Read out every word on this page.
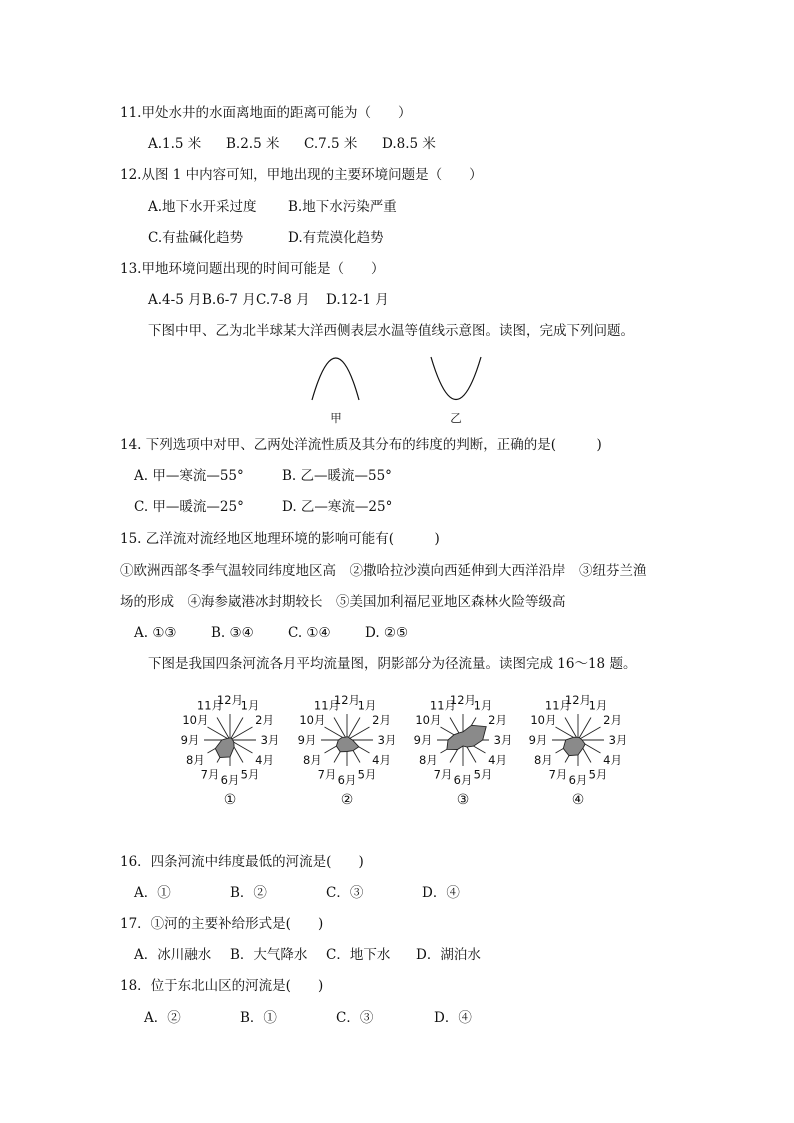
11.甲处水井的水面离地面的距离可能为（　　）
A.1.5 米 B.2.5 米 C.7.5 米 D.8.5 米
12.从图 1 中内容可知，甲地出现的主要环境问题是（　　）
A.地下水开采过度 B.地下水污染严重
C.有盐碱化趋势	D.有荒漠化趋势
13.甲地环境问题出现的时间可能是（　　）
A.4-5 月B.6-7 月C.7-8 月 D.12-1 月
下图中甲、乙为北半球某大洋西侧表层水温等值线示意图。读图，完成下列问题。
甲	乙
14. 下列选项中对甲、乙两处洋流性质及其分布的纬度的判断，正确的是(　　　)
A. 甲—寒流—55°	B. 乙—暖流—55°
C. 甲—暖流—25°	D. 乙—寒流—25°
15. 乙洋流对流经地区地理环境的影响可能有(　　　)
①欧洲西部冬季气温较同纬度地区高　②撒哈拉沙漠向西延伸到大西洋沿岸　③纽芬兰渔
场的形成　④海参崴港冰封期较长　⑤美国加利福尼亚地区森林火险等级高
A. ①③	B. ③④	C. ①④	D. ②⑤
下图是我国四条河流各月平均流量图，阴影部分为径流量。读图完成 16～18 题。
1月
2月
3月
4月
5月
6月
7月
8月
9月
10月
11月
12月
①
1月
2月
3月
4月
5月
6月
7月
8月
9月
10月
11月
12月
②
1月
2月
3月
4月
5月
6月
7月
8月
9月
10月
11月
12月
③
1月
2月
3月
4月
5月
6月
7月
8月
9月
10月
11月
12月
④
16．四条河流中纬度最低的河流是(　　)
A．①	B．②	C．③	D．④
17．①河的主要补给形式是(　　)
A．冰川融水 B．大气降水 C．地下水 D．湖泊水
18．位于东北山区的河流是(　　)
A．②	B．①	C．③	D．④
